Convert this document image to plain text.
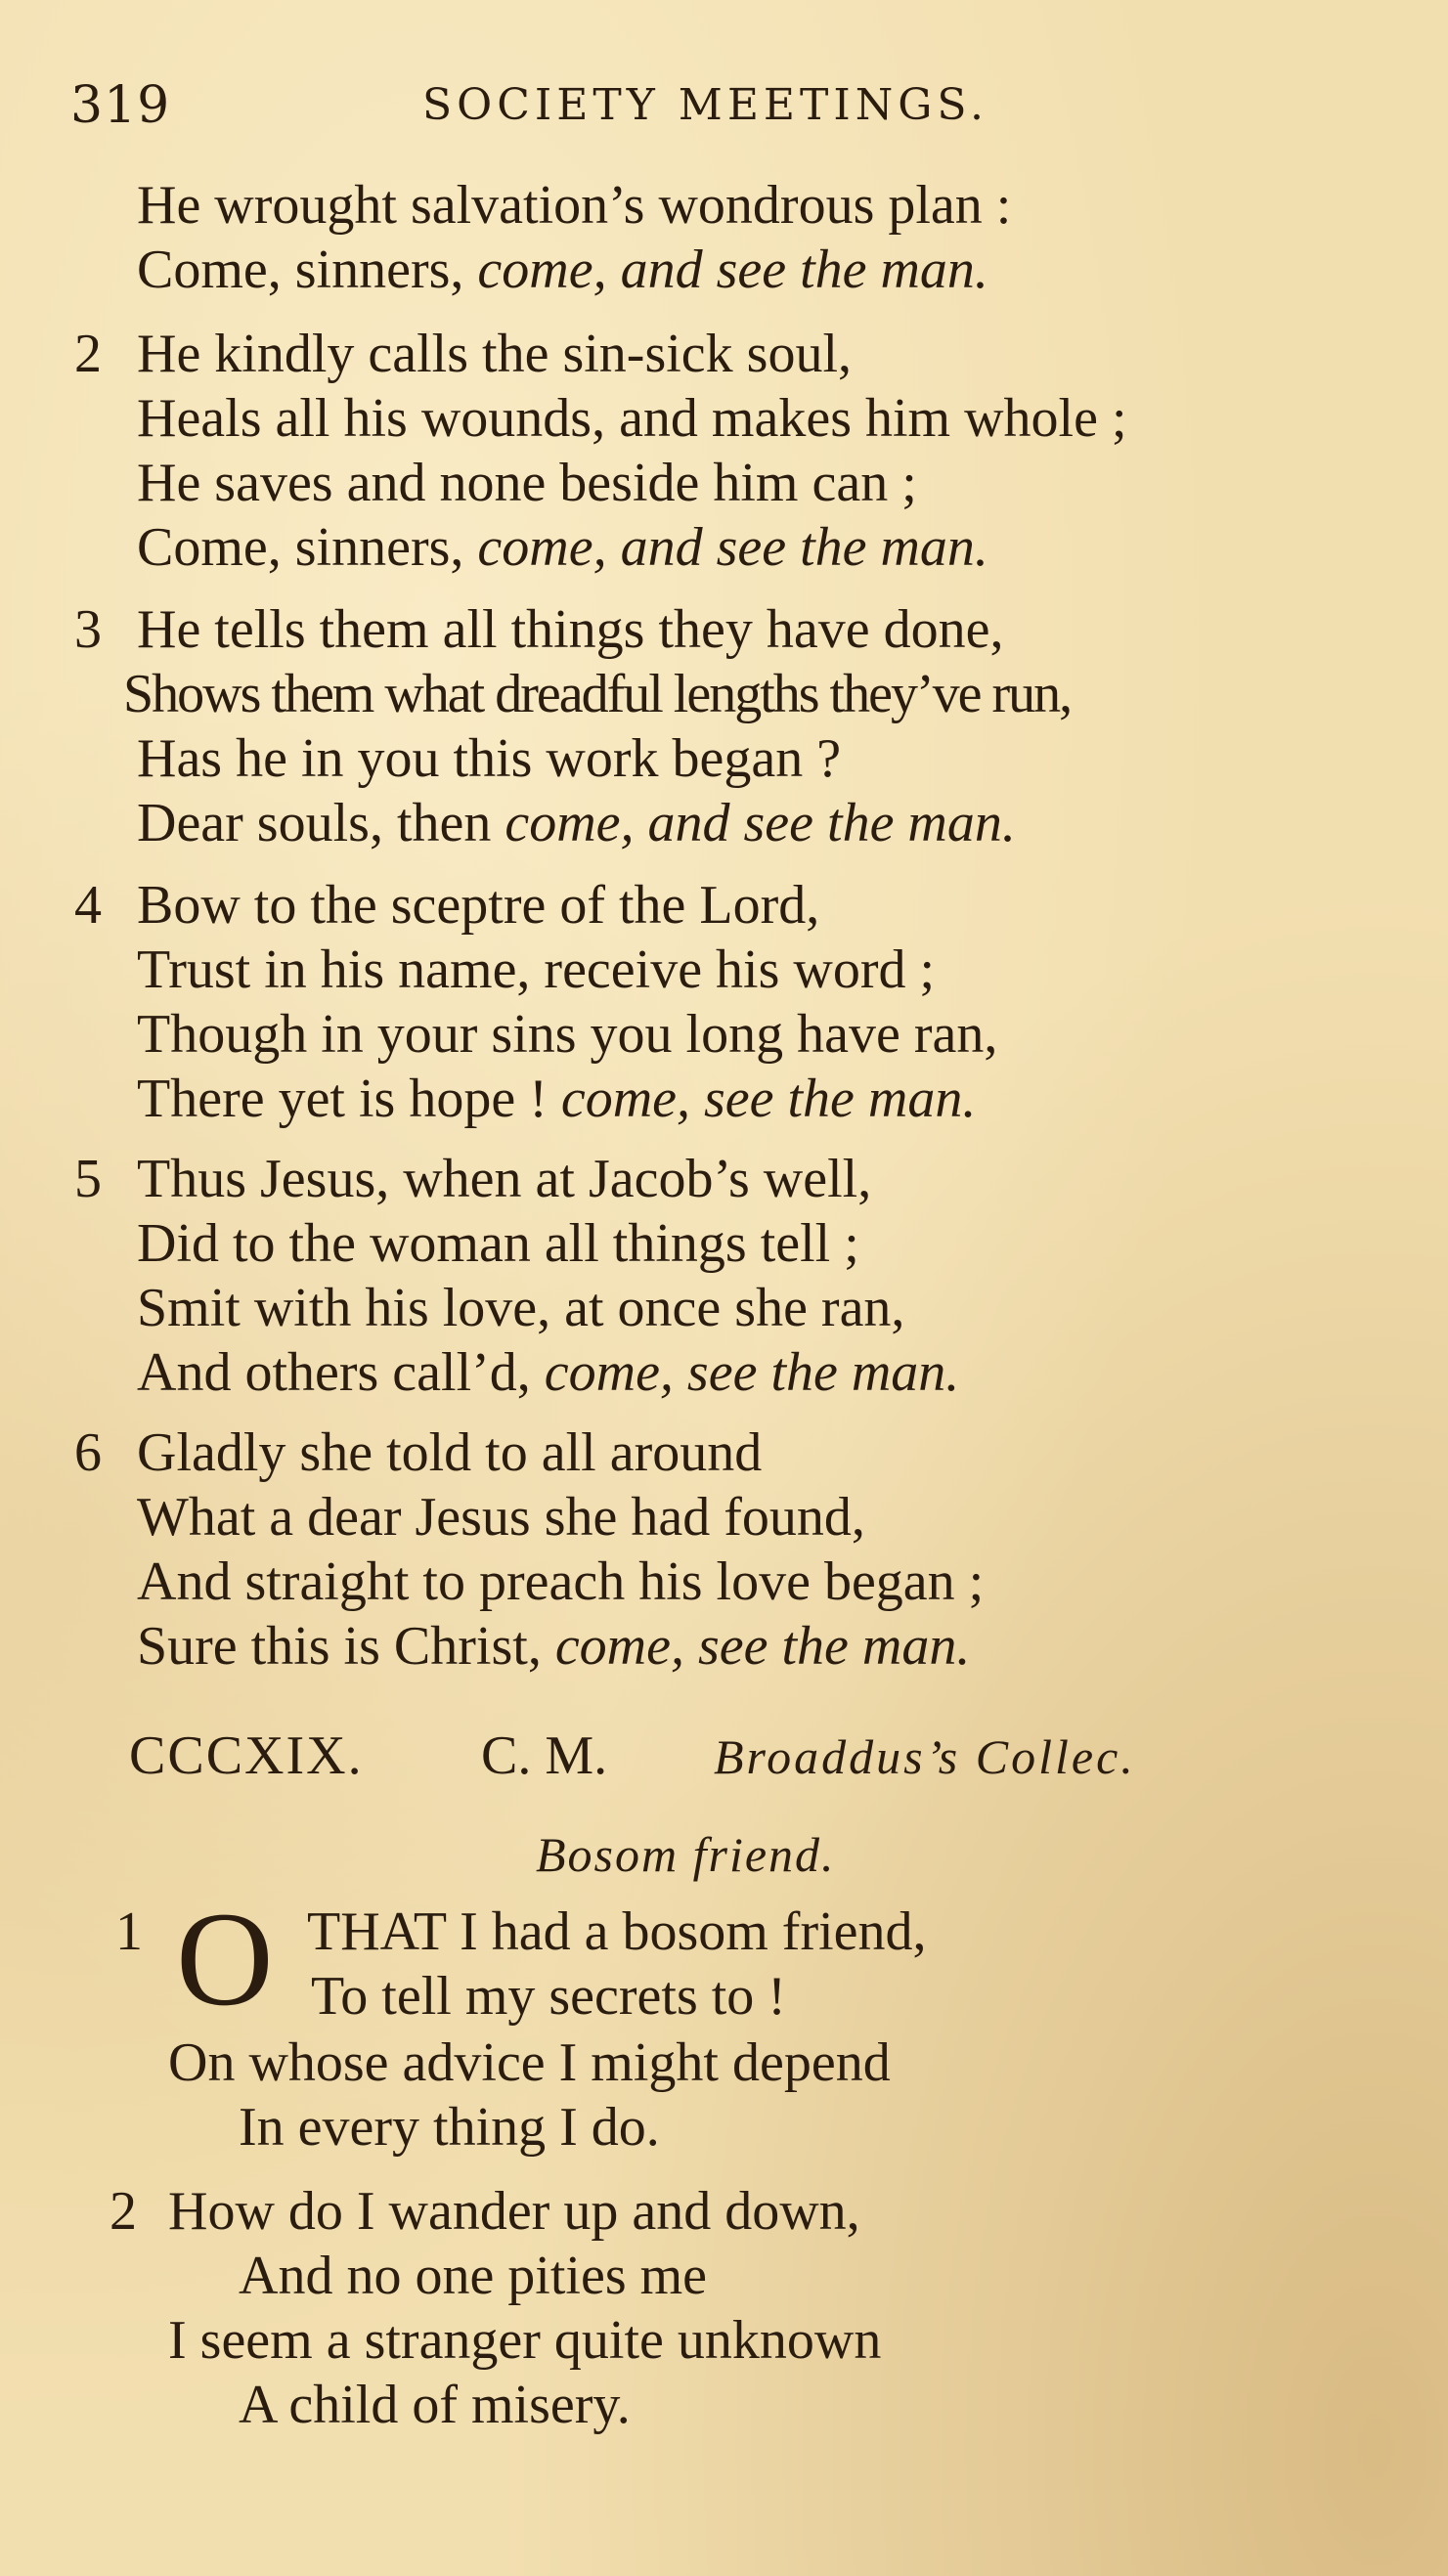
319	SOCIETY MEETINGS.
He wrought salvation’s wondrous plan :
Come, sinners, come, and see the man.
2 He kindly calls the sin-sick soul,
Heals all his wounds, and makes him whole ;
He saves and none beside him can ;
Come, sinners, come, and see the man.
3 He tells them all things they have done,
Shows them what dreadful lengths they’ve run,
Has he in you this work began ?
Dear souls, then come, and see the man.
4 Bow to the sceptre of the Lord,
Trust in his name, receive his word ;
Though in your sins you long have ran,
There yet is hope ! come, see the man.
5 Thus Jesus, when at Jacob’s well,
Did to the woman all things tell ;
Smit with his love, at once she ran,
And others call’d, come, see the man.
6 Gladly she told to all around
What a dear Jesus she had found,
And straight to preach his love began ;
Sure this is Christ, come, see the man.
CCCXIX. C. M. Broaddus’s Collec.
Bosom friend.
1 O THAT I had a bosom friend,
To tell my secrets to !
On whose advice I might depend
In every thing I do.
2 How do I wander up and down,
And no one pities me
I seem a stranger quite unknown
A child of misery.
